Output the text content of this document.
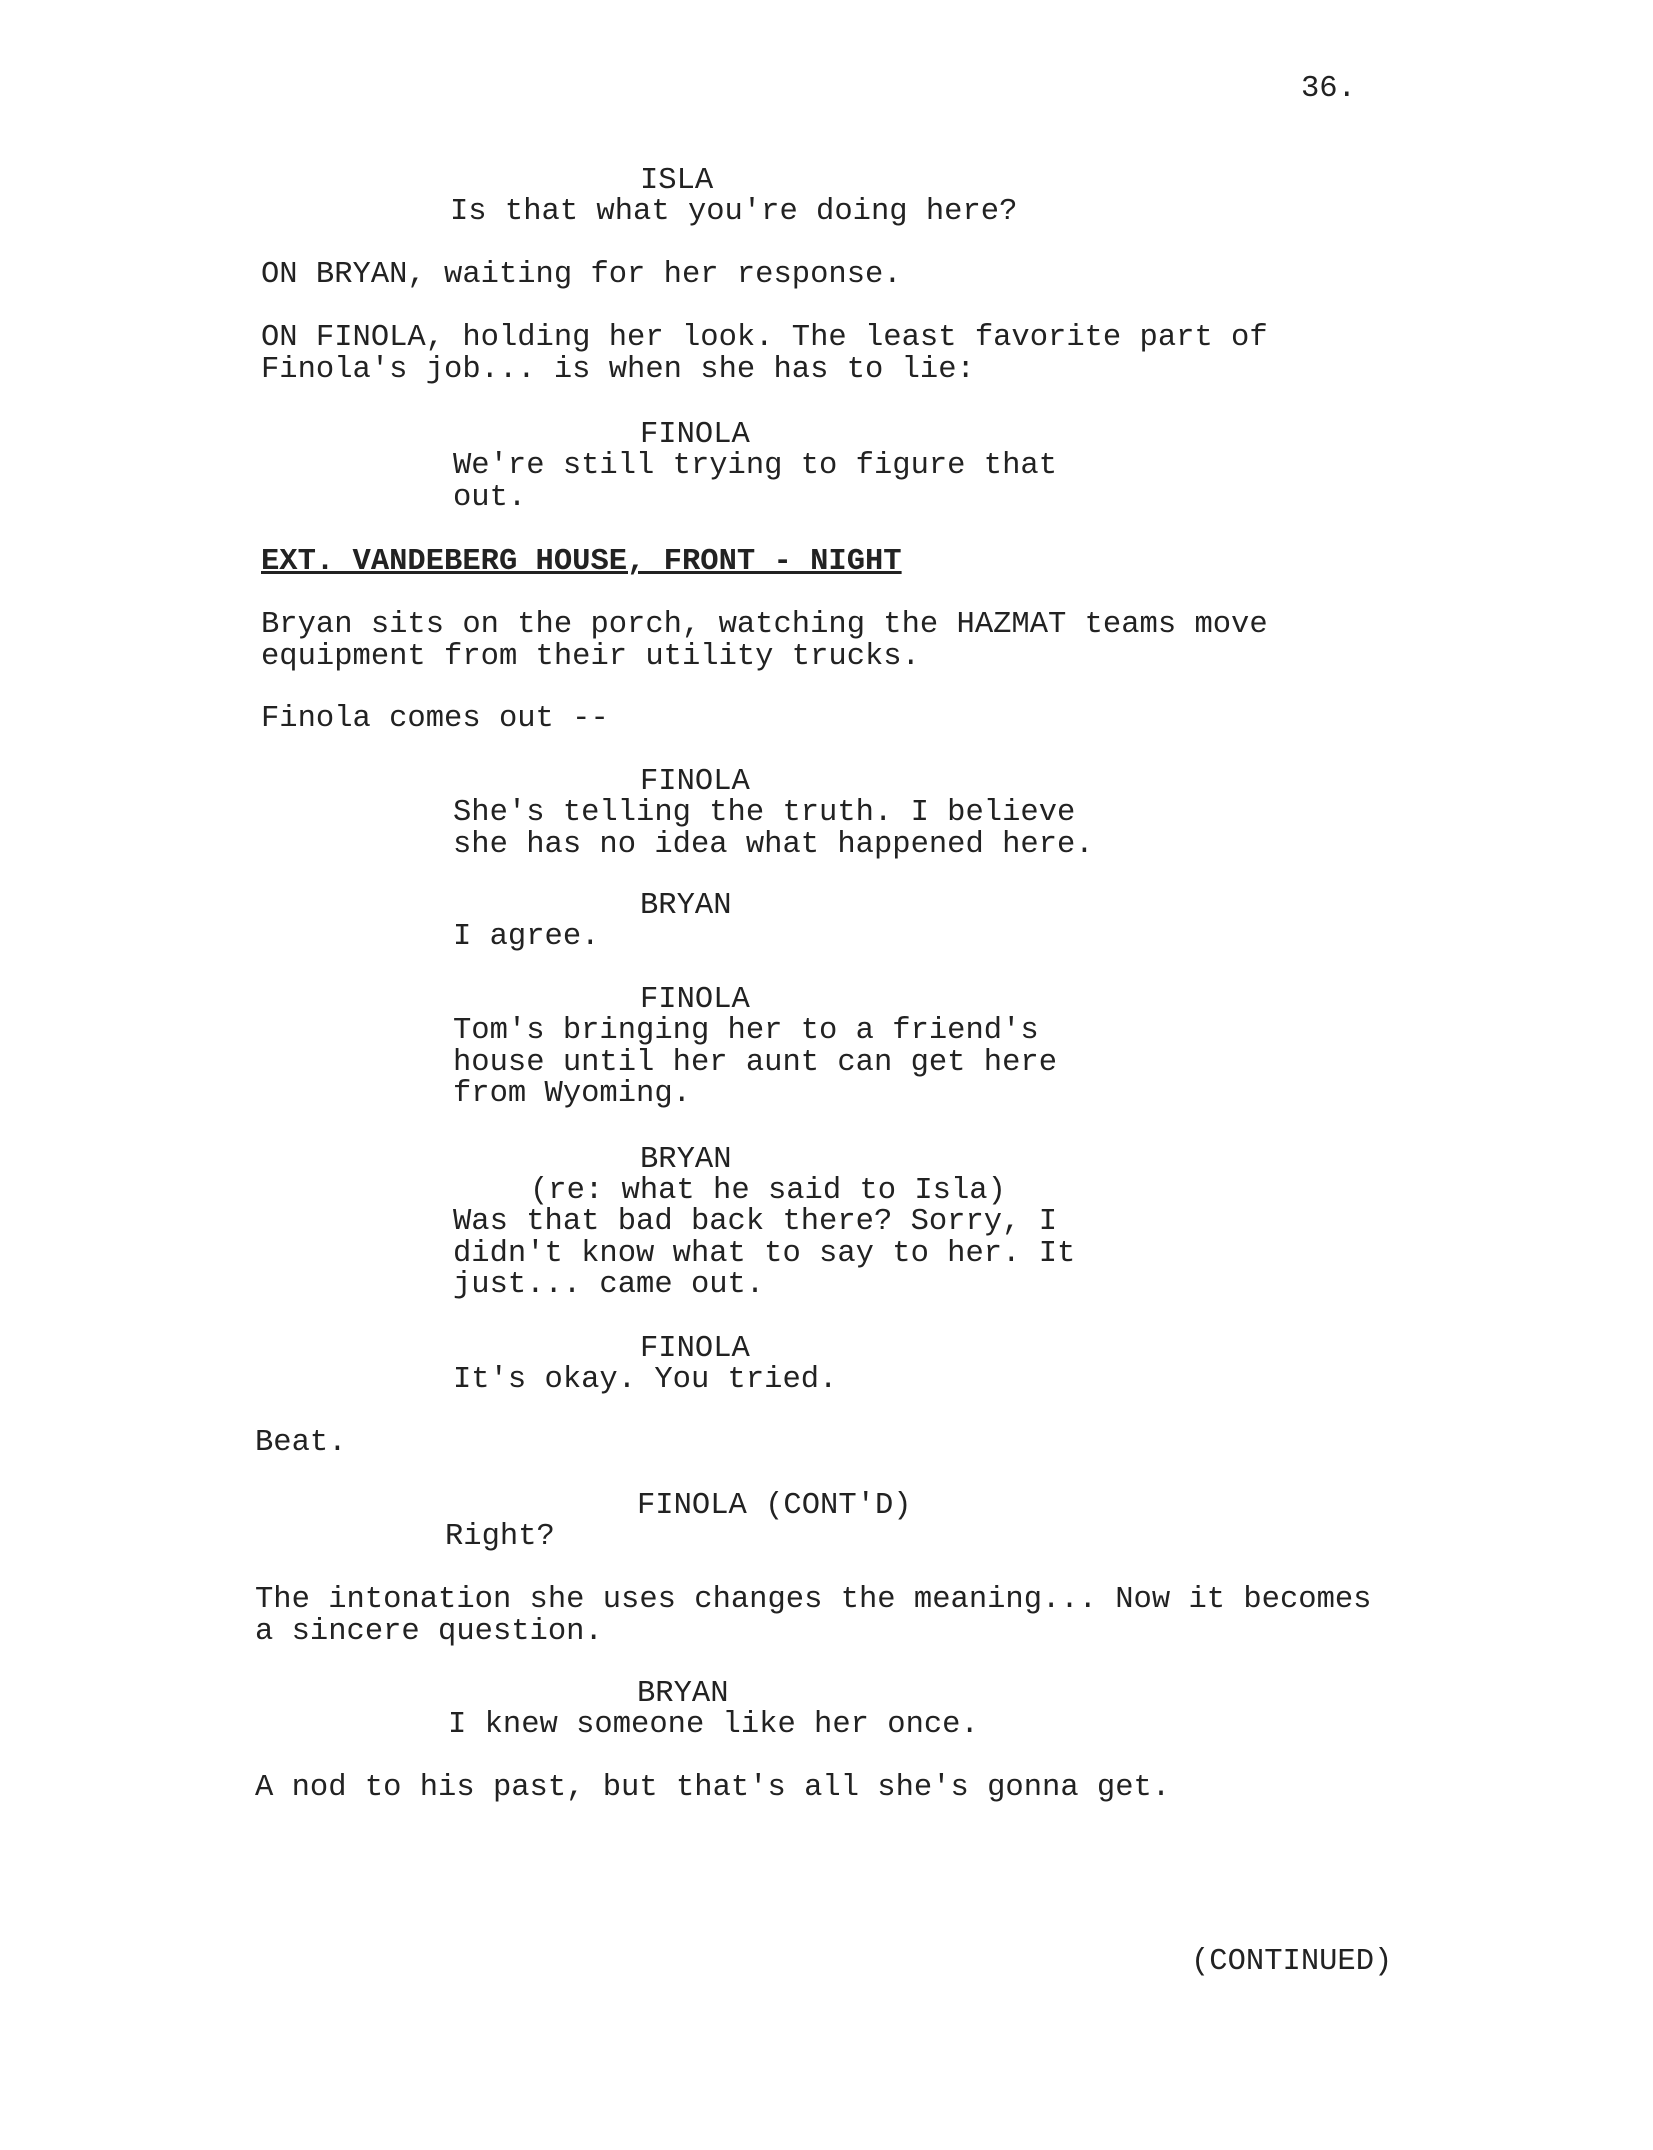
36.
ISLA
Is that what you're doing here?
ON BRYAN, waiting for her response.
ON FINOLA, holding her look. The least favorite part of
Finola's job... is when she has to lie:
FINOLA
We're still trying to figure that
out.
EXT. VANDEBERG HOUSE, FRONT - NIGHT
Bryan sits on the porch, watching the HAZMAT teams move
equipment from their utility trucks.
Finola comes out --
FINOLA
She's telling the truth. I believe
she has no idea what happened here.
BRYAN
I agree.
FINOLA
Tom's bringing her to a friend's
house until her aunt can get here
from Wyoming.
BRYAN
(re: what he said to Isla)
Was that bad back there? Sorry, I
didn't know what to say to her. It
just... came out.
FINOLA
It's okay. You tried.
Beat.
FINOLA (CONT'D)
Right?
The intonation she uses changes the meaning... Now it becomes
a sincere question.
BRYAN
I knew someone like her once.
A nod to his past, but that's all she's gonna get.
(CONTINUED)
